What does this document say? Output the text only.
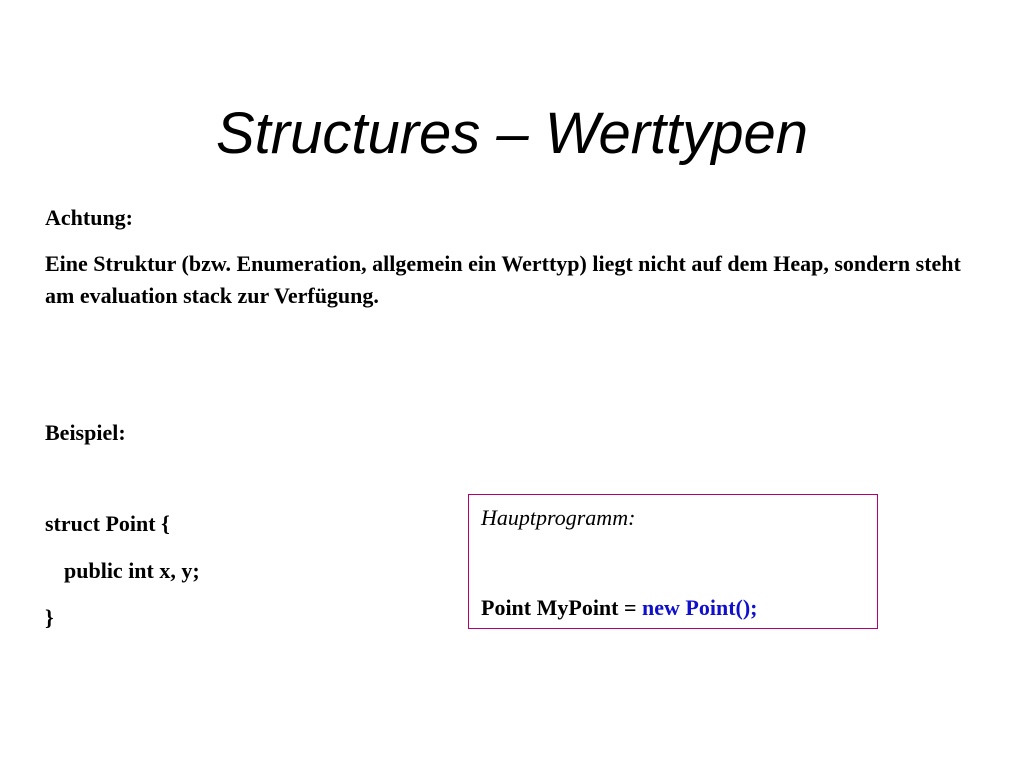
Structures – Werttypen
Achtung:
Eine Struktur (bzw. Enumeration, allgemein ein Werttyp) liegt nicht auf dem Heap, sondern steht am evaluation stack zur Verfügung.
Beispiel:
struct Point {
public int x, y;
}
Hauptprogramm:
Point MyPoint = new Point();
